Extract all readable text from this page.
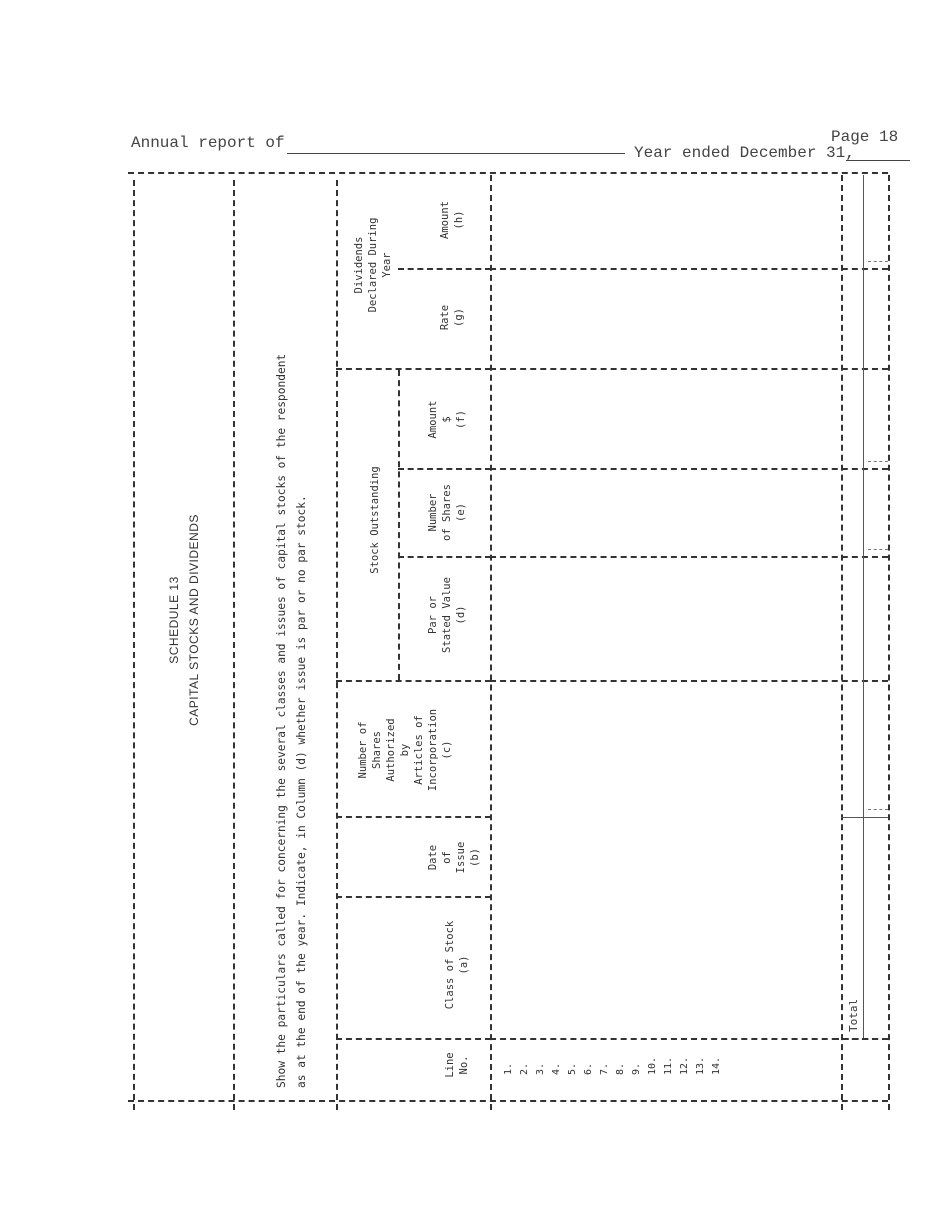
Annual report of
Year ended December 31,
Page 18
SCHEDULE 13 CAPITAL STOCKS AND DIVIDENDS	Show the particulars called for concerning the several classes and issues of capital stocks of the respondent as at the end of the year. Indicate, in Column (d) whether issue is par or no par stock.	Line No.
Class of Stock (a)
Date of Issue (b)
Number of Shares Authorized by Articles of Incorporation (c)
Stock Outstanding
Par or Stated Value (d)
Number of Shares (e)
Amount $ (f)
Dividends Declared During Year
Rate (g)
Amount (h)
Total
1. 2. 3. 4. 5. 6. 7. 8. 9. 10. 11. 12. 13. 14.
